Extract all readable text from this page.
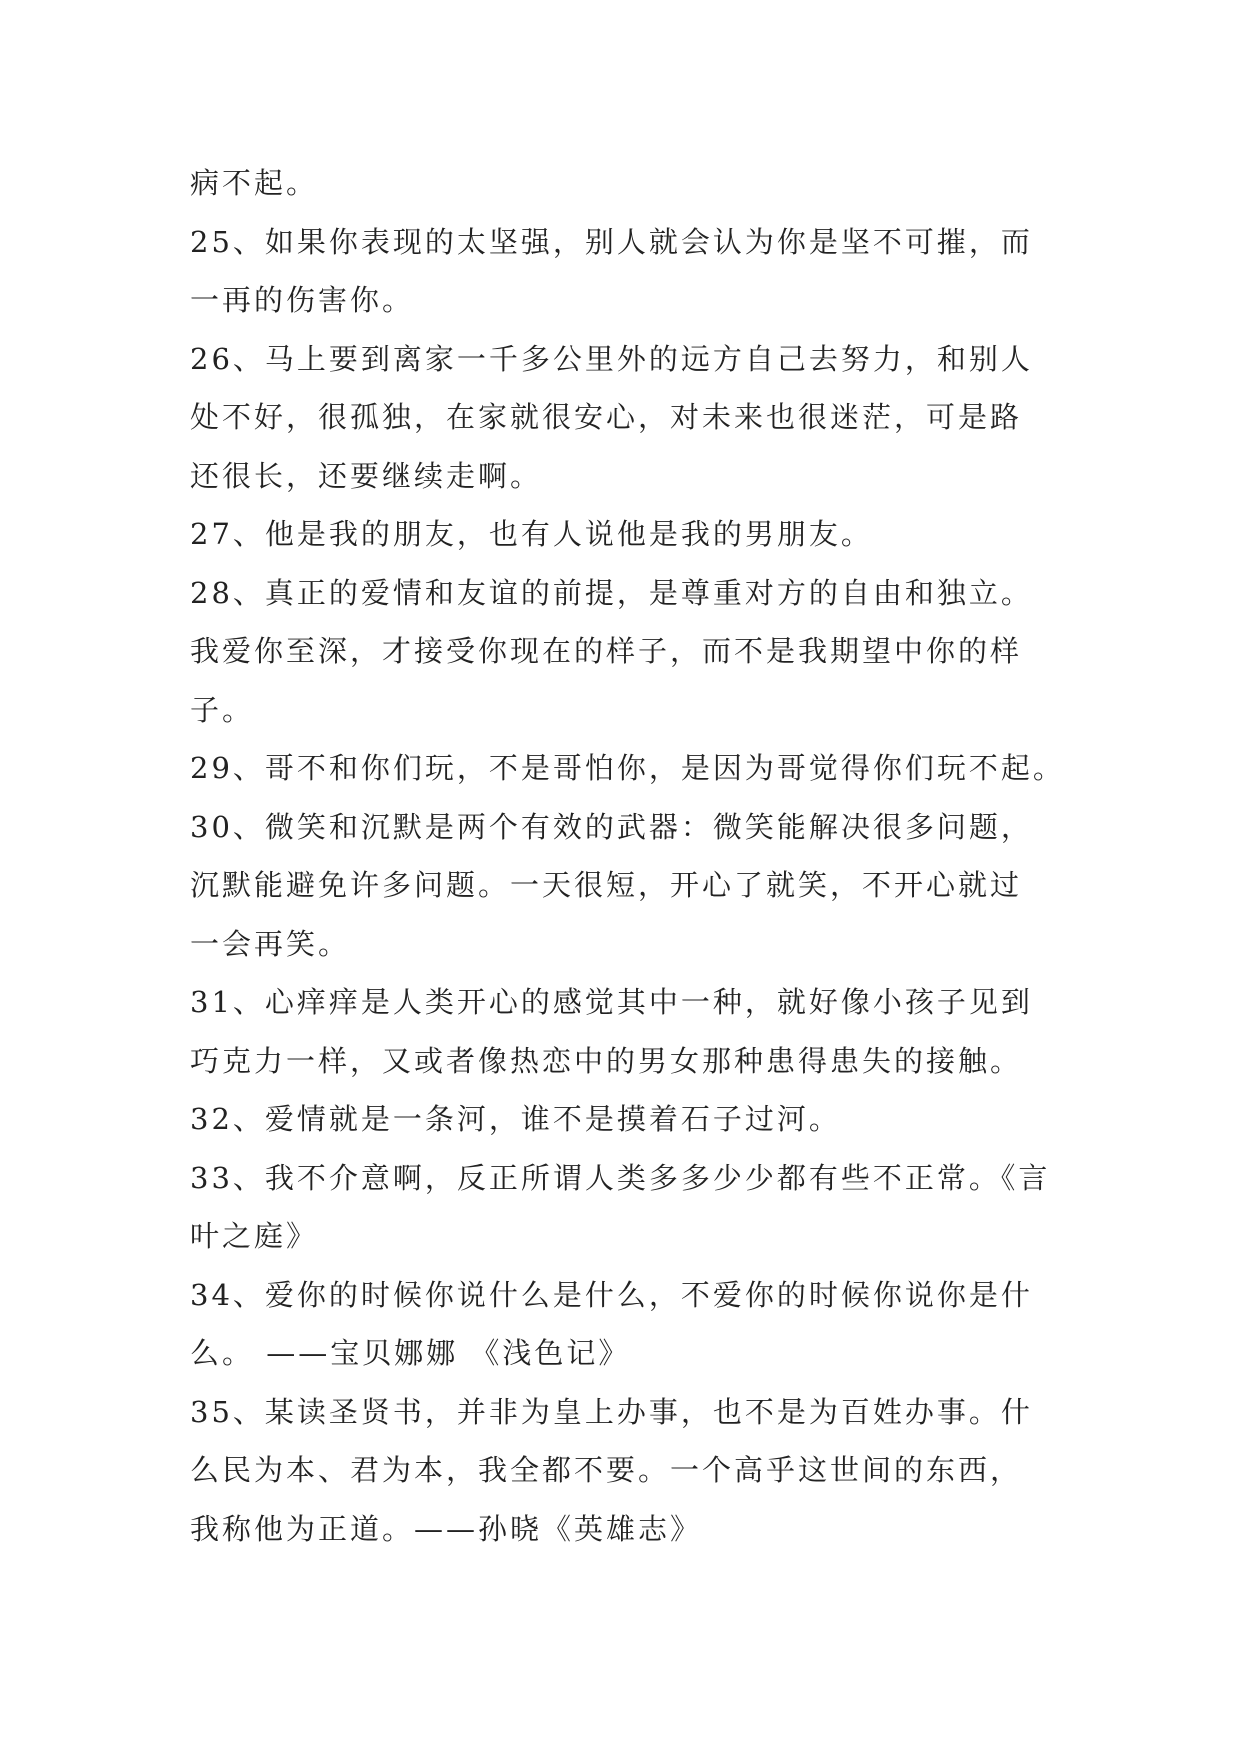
病不起。
25、如果你表现的太坚强，别人就会认为你是坚不可摧，而
一再的伤害你。
26、马上要到离家一千多公里外的远方自己去努力，和别人
处不好，很孤独，在家就很安心，对未来也很迷茫，可是路
还很长，还要继续走啊。
27、他是我的朋友，也有人说他是我的男朋友。
28、真正的爱情和友谊的前提，是尊重对方的自由和独立。
我爱你至深，才接受你现在的样子，而不是我期望中你的样
子。
29、哥不和你们玩，不是哥怕你，是因为哥觉得你们玩不起。
30、微笑和沉默是两个有效的武器：微笑能解决很多问题，
沉默能避免许多问题。一天很短，开心了就笑，不开心就过
一会再笑。
31、心痒痒是人类开心的感觉其中一种，就好像小孩子见到
巧克力一样，又或者像热恋中的男女那种患得患失的接触。
32、爱情就是一条河，谁不是摸着石子过河。
33、我不介意啊，反正所谓人类多多少少都有些不正常。《言
叶之庭》
34、爱你的时候你说什么是什么，不爱你的时候你说你是什
么。 ——宝贝娜娜 《浅色记》
35、某读圣贤书，并非为皇上办事，也不是为百姓办事。什
么民为本、君为本，我全都不要。一个高乎这世间的东西，
我称他为正道。——孙晓《英雄志》
